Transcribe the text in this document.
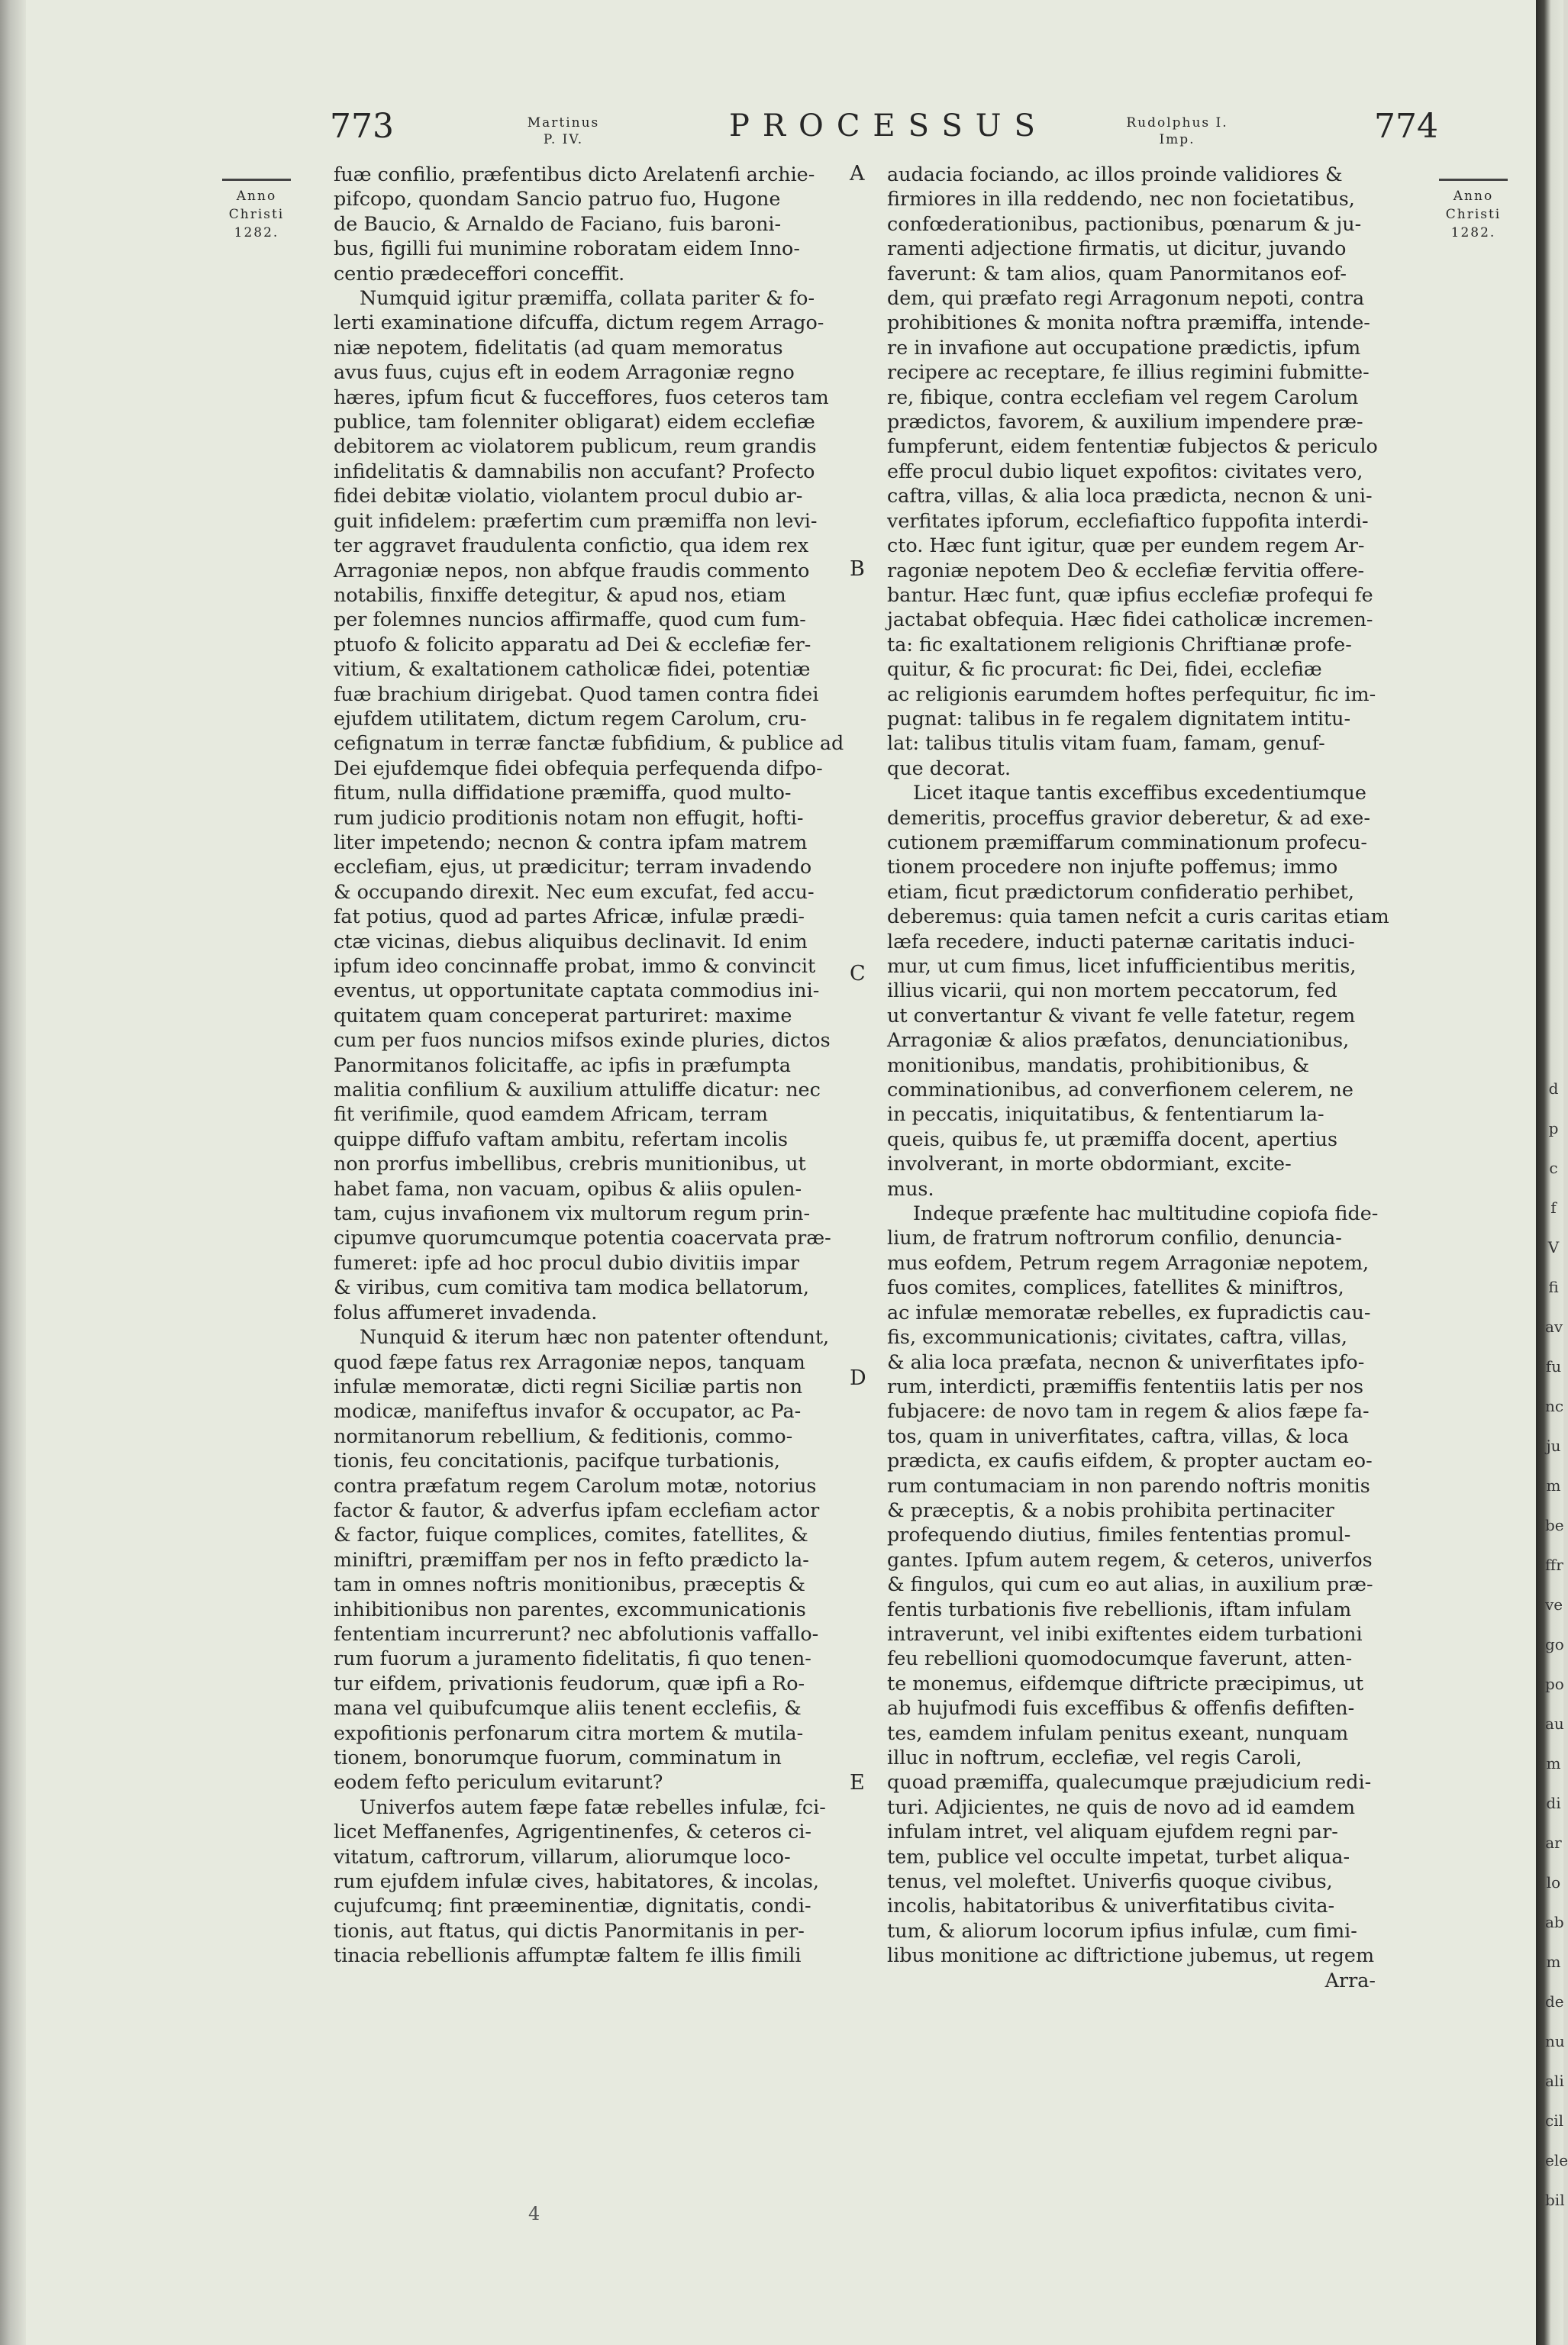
d
p
c
f
V
fi
av
fu
nc
ju
m
be
ffr
ve
go
po
au
m
di
ar
lo
ab
m
de
nu
ali
cil
ele
bil
773	Martinus
P. IV.	PROCESSUS	Rudolphus I.
Imp.	774
Anno
Christi
1282.
Anno
Christi
1282.
fuæ confilio, præfentibus dicto Arelatenfi archie-
pifcopo, quondam Sancio patruo fuo, Hugone
de Baucio, & Arnaldo de Faciano, fuis baroni-
bus, figilli fui munimine roboratam eidem Inno-
centio prædeceffori conceffit.
Numquid igitur præmiffa, collata pariter & fo-
lerti examinatione difcuffa, dictum regem Arrago-
niæ nepotem, fidelitatis (ad quam memoratus
avus fuus, cujus eft in eodem Arragoniæ regno
hæres, ipfum ficut & fucceffores, fuos ceteros tam
publice, tam folenniter obligarat) eidem ecclefiæ
debitorem ac violatorem publicum, reum grandis
infidelitatis & damnabilis non accufant? Profecto
fidei debitæ violatio, violantem procul dubio ar-
guit infidelem: præfertim cum præmiffa non levi-
ter aggravet fraudulenta confictio, qua idem rex
Arragoniæ nepos, non abfque fraudis commento
notabilis, finxiffe detegitur, & apud nos, etiam
per folemnes nuncios affirmaffe, quod cum fum-
ptuofo & folicito apparatu ad Dei & ecclefiæ fer-
vitium, & exaltationem catholicæ fidei, potentiæ
fuæ brachium dirigebat. Quod tamen contra fidei
ejufdem utilitatem, dictum regem Carolum, cru-
cefignatum in terræ fanctæ fubfidium, & publice ad
Dei ejufdemque fidei obfequia perfequenda difpo-
fitum, nulla diffidatione præmiffa, quod multo-
rum judicio proditionis notam non effugit, hofti-
liter impetendo; necnon & contra ipfam matrem
ecclefiam, ejus, ut prædicitur; terram invadendo
& occupando direxit. Nec eum excufat, fed accu-
fat potius, quod ad partes Africæ, infulæ prædi-
ctæ vicinas, diebus aliquibus declinavit. Id enim
ipfum ideo concinnaffe probat, immo & convincit
eventus, ut opportunitate captata commodius ini-
quitatem quam conceperat parturiret: maxime
cum per fuos nuncios mifsos exinde pluries, dictos
Panormitanos folicitaffe, ac ipfis in præfumpta
malitia confilium & auxilium attuliffe dicatur: nec
fit verifimile, quod eamdem Africam, terram
quippe diffufo vaftam ambitu, refertam incolis
non prorfus imbellibus, crebris munitionibus, ut
habet fama, non vacuam, opibus & aliis opulen-
tam, cujus invafionem vix multorum regum prin-
cipumve quorumcumque potentia coacervata præ-
fumeret: ipfe ad hoc procul dubio divitiis impar
& viribus, cum comitiva tam modica bellatorum,
folus affumeret invadenda.
Nunquid & iterum hæc non patenter oftendunt,
quod fæpe fatus rex Arragoniæ nepos, tanquam
infulæ memoratæ, dicti regni Siciliæ partis non
modicæ, manifeftus invafor & occupator, ac Pa-
normitanorum rebellium, & feditionis, commo-
tionis, feu concitationis, pacifque turbationis,
contra præfatum regem Carolum motæ, notorius
factor & fautor, & adverfus ipfam ecclefiam actor
& factor, fuique complices, comites, fatellites, &
miniftri, præmiffam per nos in fefto prædicto la-
tam in omnes noftris monitionibus, præceptis &
inhibitionibus non parentes, excommunicationis
fententiam incurrerunt? nec abfolutionis vaffallo-
rum fuorum a juramento fidelitatis, fi quo tenen-
tur eifdem, privationis feudorum, quæ ipfi a Ro-
mana vel quibufcumque aliis tenent ecclefiis, &
expofitionis perfonarum citra mortem & mutila-
tionem, bonorumque fuorum, comminatum in
eodem fefto periculum evitarunt?
Univerfos autem fæpe fatæ rebelles infulæ, fci-
licet Meffanenfes, Agrigentinenfes, & ceteros ci-
vitatum, caftrorum, villarum, aliorumque loco-
rum ejufdem infulæ cives, habitatores, & incolas,
cujufcumq; fint præeminentiæ, dignitatis, condi-
tionis, aut ftatus, qui dictis Panormitanis in per-
tinacia rebellionis affumptæ faltem fe illis fimili
A
B
C
D
E
audacia fociando, ac illos proinde validiores &
firmiores in illa reddendo, nec non focietatibus,
confœderationibus, pactionibus, pœnarum & ju-
ramenti adjectione firmatis, ut dicitur, juvando
faverunt: & tam alios, quam Panormitanos eof-
dem, qui præfato regi Arragonum nepoti, contra
prohibitiones & monita noftra præmiffa, intende-
re in invafione aut occupatione prædictis, ipfum
recipere ac receptare, fe illius regimini fubmitte-
re, fibique, contra ecclefiam vel regem Carolum
prædictos, favorem, & auxilium impendere præ-
fumpferunt, eidem fententiæ fubjectos & periculo
effe procul dubio liquet expofitos: civitates vero,
caftra, villas, & alia loca prædicta, necnon & uni-
verfitates ipforum, ecclefiaftico fuppofita interdi-
cto. Hæc funt igitur, quæ per eundem regem Ar-
ragoniæ nepotem Deo & ecclefiæ fervitia offere-
bantur. Hæc funt, quæ ipfius ecclefiæ profequi fe
jactabat obfequia. Hæc fidei catholicæ incremen-
ta: fic exaltationem religionis Chriftianæ profe-
quitur, & fic procurat: fic Dei, fidei, ecclefiæ
ac religionis earumdem hoftes perfequitur, fic im-
pugnat: talibus in fe regalem dignitatem intitu-
lat: talibus titulis vitam fuam, famam, genuf-
que decorat.
Licet itaque tantis exceffibus excedentiumque
demeritis, proceffus gravior deberetur, & ad exe-
cutionem præmiffarum comminationum profecu-
tionem procedere non injufte poffemus; immo
etiam, ficut prædictorum confideratio perhibet,
deberemus: quia tamen nefcit a curis caritas etiam
læfa recedere, inducti paternæ caritatis induci-
mur, ut cum fimus, licet infufficientibus meritis,
illius vicarii, qui non mortem peccatorum, fed
ut convertantur & vivant fe velle fatetur, regem
Arragoniæ & alios præfatos, denunciationibus,
monitionibus, mandatis, prohibitionibus, &
comminationibus, ad converfionem celerem, ne
in peccatis, iniquitatibus, & fententiarum la-
queis, quibus fe, ut præmiffa docent, apertius
involverant, in morte obdormiant, excite-
mus.
Indeque præfente hac multitudine copiofa fide-
lium, de fratrum noftrorum confilio, denuncia-
mus eofdem, Petrum regem Arragoniæ nepotem,
fuos comites, complices, fatellites & miniftros,
ac infulæ memoratæ rebelles, ex fupradictis cau-
fis, excommunicationis; civitates, caftra, villas,
& alia loca præfata, necnon & univerfitates ipfo-
rum, interdicti, præmiffis fententiis latis per nos
fubjacere: de novo tam in regem & alios fæpe fa-
tos, quam in univerfitates, caftra, villas, & loca
prædicta, ex caufis eifdem, & propter auctam eo-
rum contumaciam in non parendo noftris monitis
& præceptis, & a nobis prohibita pertinaciter
profequendo diutius, fimiles fententias promul-
gantes. Ipfum autem regem, & ceteros, univerfos
& fingulos, qui cum eo aut alias, in auxilium præ-
fentis turbationis five rebellionis, iftam infulam
intraverunt, vel inibi exiftentes eidem turbationi
feu rebellioni quomodocumque faverunt, atten-
te monemus, eifdemque diftricte præcipimus, ut
ab hujufmodi fuis exceffibus & offenfis defiften-
tes, eamdem infulam penitus exeant, nunquam
illuc in noftrum, ecclefiæ, vel regis Caroli,
quoad præmiffa, qualecumque præjudicium redi-
turi. Adjicientes, ne quis de novo ad id eamdem
infulam intret, vel aliquam ejufdem regni par-
tem, publice vel occulte impetat, turbet aliqua-
tenus, vel moleftet. Univerfis quoque civibus,
incolis, habitatoribus & univerfitatibus civita-
tum, & aliorum locorum ipfius infulæ, cum fimi-
libus monitione ac diftrictione jubemus, ut regem
Arra-
4
